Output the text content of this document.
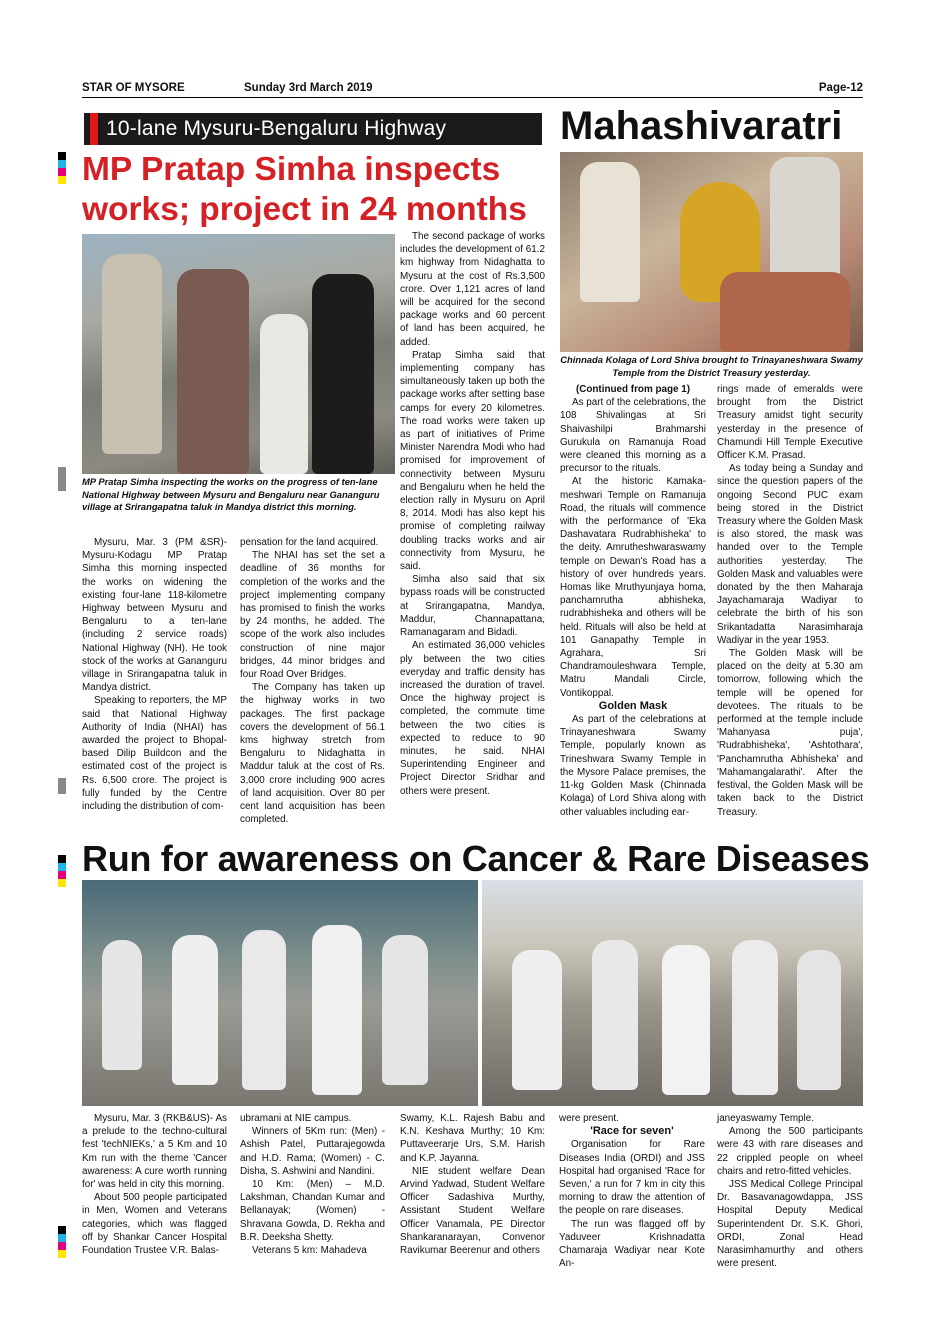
STAR OF MYSORE	Sunday 3rd March 2019	Page-12
10-lane Mysuru-Bengaluru Highway
MP Pratap Simha inspects works; project in 24 months
MP Pratap Simha inspecting the works on the progress of ten-lane National Highway between Mysuru and Bengaluru near Gananguru village at Srirangapatna taluk in Mandya district this morning.

Mysuru, Mar. 3 (PM &SR)- Mysuru-Kodagu MP Pratap Simha this morning inspected the works on widening the existing four-lane 118-kilometre Highway between Mysuru and Bengaluru to a ten-lane (including 2 service roads) National Highway (NH). He took stock of the works at Gananguru village in Srirangapatna taluk in Mandya district.

Speaking to reporters, the MP said that National Highway Authority of India (NHAI) has awarded the project to Bhopal-based Dilip Buildcon and the estimated cost of the project is Rs. 6,500 crore. The project is fully funded by the Centre including the distribution of com-

pensation for the land acquired.

The NHAI has set the set a deadline of 36 months for completion of the works and the project implementing company has promised to finish the works by 24 months, he added. The scope of the work also includes construction of nine major bridges, 44 minor bridges and four Road Over Bridges.

The Company has taken up the highway works in two packages. The first package covers the development of 56.1 kms highway stretch from Bengaluru to Nidaghatta in Maddur taluk at the cost of Rs. 3,000 crore including 900 acres of land acquisition. Over 80 per cent land acquisition has been completed.

The second package of works includes the development of 61.2 km highway from Nidaghatta to Mysuru at the cost of Rs.3,500 crore. Over 1,121 acres of land will be acquired for the second package works and 60 percent of land has been acquired, he added.

Pratap Simha said that implementing company has simultaneously taken up both the package works after setting base camps for every 20 kilometres. The road works were taken up as part of initiatives of Prime Minister Narendra Modi who had promised for improvement of connectivity between Mysuru and Bengaluru when he held the election rally in Mysuru on April 8, 2014. Modi has also kept his promise of completing railway doubling tracks works and air connectivity from Mysuru, he said.

Simha also said that six bypass roads will be constructed at Srirangapatna, Mandya, Maddur, Channapattana, Ramanagaram and Bidadi.

An estimated 36,000 vehicles ply between the two cities everyday and traffic density has increased the duration of travel. Once the highway project is completed, the commute time between the two cities is expected to reduce to 90 minutes, he said. NHAI Superintending Engineer and Project Director Sridhar and others were present.

Mahashivaratri
Chinnada Kolaga of Lord Shiva brought to Trinayaneshwara Swamy Temple from the District Treasury yesterday.

(Continued from page 1)

As part of the celebrations, the 108 Shivalingas at Sri Shaivashilpi Brahmarshi Gurukula on Ramanuja Road were cleaned this morning as a precursor to the rituals.

At the historic Kamaka-meshwari Temple on Ramanuja Road, the rituals will commence with the performance of 'Eka Dashavatara Rudrabhisheka' to the deity. Amrutheshwaraswamy temple on Dewan's Road has a history of over hundreds years. Homas like Mruthyunjaya homa, panchamrutha abhisheka, rudrabhisheka and others will be held. Rituals will also be held at 101 Ganapathy Temple in Agrahara, Sri Chandramouleshwara Temple, Matru Mandali Circle, Vontikoppal.

Golden Mask

As part of the celebrations at Trinayaneshwara Swamy Temple, popularly known as Trineshwara Swamy Temple in the Mysore Palace premises, the 11-kg Golden Mask (Chinnada Kolaga) of Lord Shiva along with other valuables including ear-

rings made of emeralds were brought from the District Treasury amidst tight security yesterday in the presence of Chamundi Hill Temple Executive Officer K.M. Prasad.

As today being a Sunday and since the question papers of the ongoing Second PUC exam being stored in the District Treasury where the Golden Mask is also stored, the mask was handed over to the Temple authorities yesterday. The Golden Mask and valuables were donated by the then Maharaja Jayachamaraja Wadiyar to celebrate the birth of his son Srikantadatta Narasimharaja Wadiyar in the year 1953.

The Golden Mask will be placed on the deity at 5.30 am tomorrow, following which the temple will be opened for devotees. The rituals to be performed at the temple include 'Mahanyasa puja', 'Rudrabhisheka', 'Ashtothara', 'Panchamrutha Abhisheka' and 'Mahamangalarathi'. After the festival, the Golden Mask will be taken back to the District Treasury.

Run for awareness on Cancer & Rare Diseases

Mysuru, Mar. 3 (RKB&US)- As a prelude to the techno-cultural fest 'techNIEKs,' a 5 Km and 10 Km run with the theme 'Cancer awareness: A cure worth running for' was held in city this morning.

About 500 people participated in Men, Women and Veterans categories, which was flagged off by Shankar Cancer Hospital Foundation Trustee V.R. Balas-

ubramani at NIE campus.

Winners of 5Km run: (Men) - Ashish Patel, Puttarajegowda and H.D. Rama; (Women) - C. Disha, S. Ashwini and Nandini.

10 Km: (Men) – M.D. Lakshman, Chandan Kumar and Bellanayak; (Women) - Shravana Gowda, D. Rekha and B.R. Deeksha Shetty.

Veterans 5 km: Mahadeva

Swamy, K.L. Rajesh Babu and K.N. Keshava Murthy; 10 Km: Puttaveerarje Urs, S.M. Harish and K.P. Jayanna.

NIE student welfare Dean Arvind Yadwad, Student Welfare Officer Sadashiva Murthy, Assistant Student Welfare Officer Vanamala, PE Director Shankaranarayan, Convenor Ravikumar Beerenur and others

were present.

'Race for seven'

Organisation for Rare Diseases India (ORDI) and JSS Hospital had organised 'Race for Seven,' a run for 7 km in city this morning to draw the attention of the people on rare diseases.

The run was flagged off by Yaduveer Krishnadatta Chamaraja Wadiyar near Kote An-

janeyaswamy Temple.

Among the 500 participants were 43 with rare diseases and 22 crippled people on wheel chairs and retro-fitted vehicles.

JSS Medical College Principal Dr. Basavanagowdappa, JSS Hospital Deputy Medical Superintendent Dr. S.K. Ghori, ORDI, Zonal Head Narasimhamurthy and others were present.
